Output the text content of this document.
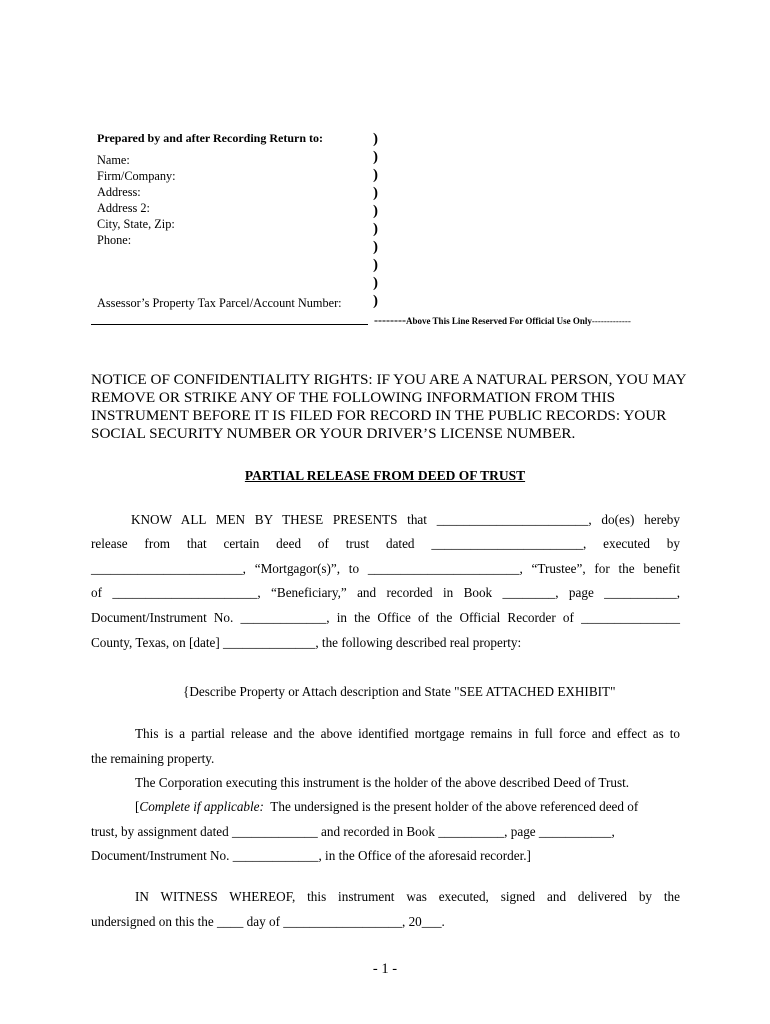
Prepared by and after Recording Return to:
Name:
Firm/Company:
Address:
Address 2:
City, State, Zip:
Phone:
Assessor’s Property Tax Parcel/Account Number:
)
)
)
)
)
)
)
)
)
)
--------Above This Line Reserved For Official Use Only-------------
NOTICE OF CONFIDENTIALITY RIGHTS: IF YOU ARE A NATURAL PERSON, YOU MAY REMOVE OR STRIKE ANY OF THE FOLLOWING INFORMATION FROM THIS INSTRUMENT BEFORE IT IS FILED FOR RECORD IN THE PUBLIC RECORDS: YOUR SOCIAL SECURITY NUMBER OR YOUR DRIVER’S LICENSE NUMBER.
PARTIAL RELEASE FROM DEED OF TRUST
KNOW ALL MEN BY THESE PRESENTS that _______________________, do(es) hereby
release from that certain deed of trust dated _______________________, executed by
_______________________, “Mortgagor(s)”, to _______________________, “Trustee”, for the benefit
of ______________________, “Beneficiary,” and recorded in Book ________, page ___________,
Document/Instrument No. _____________, in the Office of the Official Recorder of _______________
County, Texas, on [date] ______________, the following described real property:
{Describe Property or Attach description and State "SEE ATTACHED EXHIBIT"
This is a partial release and the above identified mortgage remains in full force and effect as to
the remaining property.
The Corporation executing this instrument is the holder of the above described Deed of Trust.
[Complete if applicable:  The undersigned is the present holder of the above referenced deed of
trust, by assignment dated _____________ and recorded in Book __________, page ___________,
Document/Instrument No. _____________, in the Office of the aforesaid recorder.]
IN WITNESS WHEREOF, this instrument was executed, signed and delivered by the
undersigned on this the ____ day of __________________, 20___.
- 1 -
